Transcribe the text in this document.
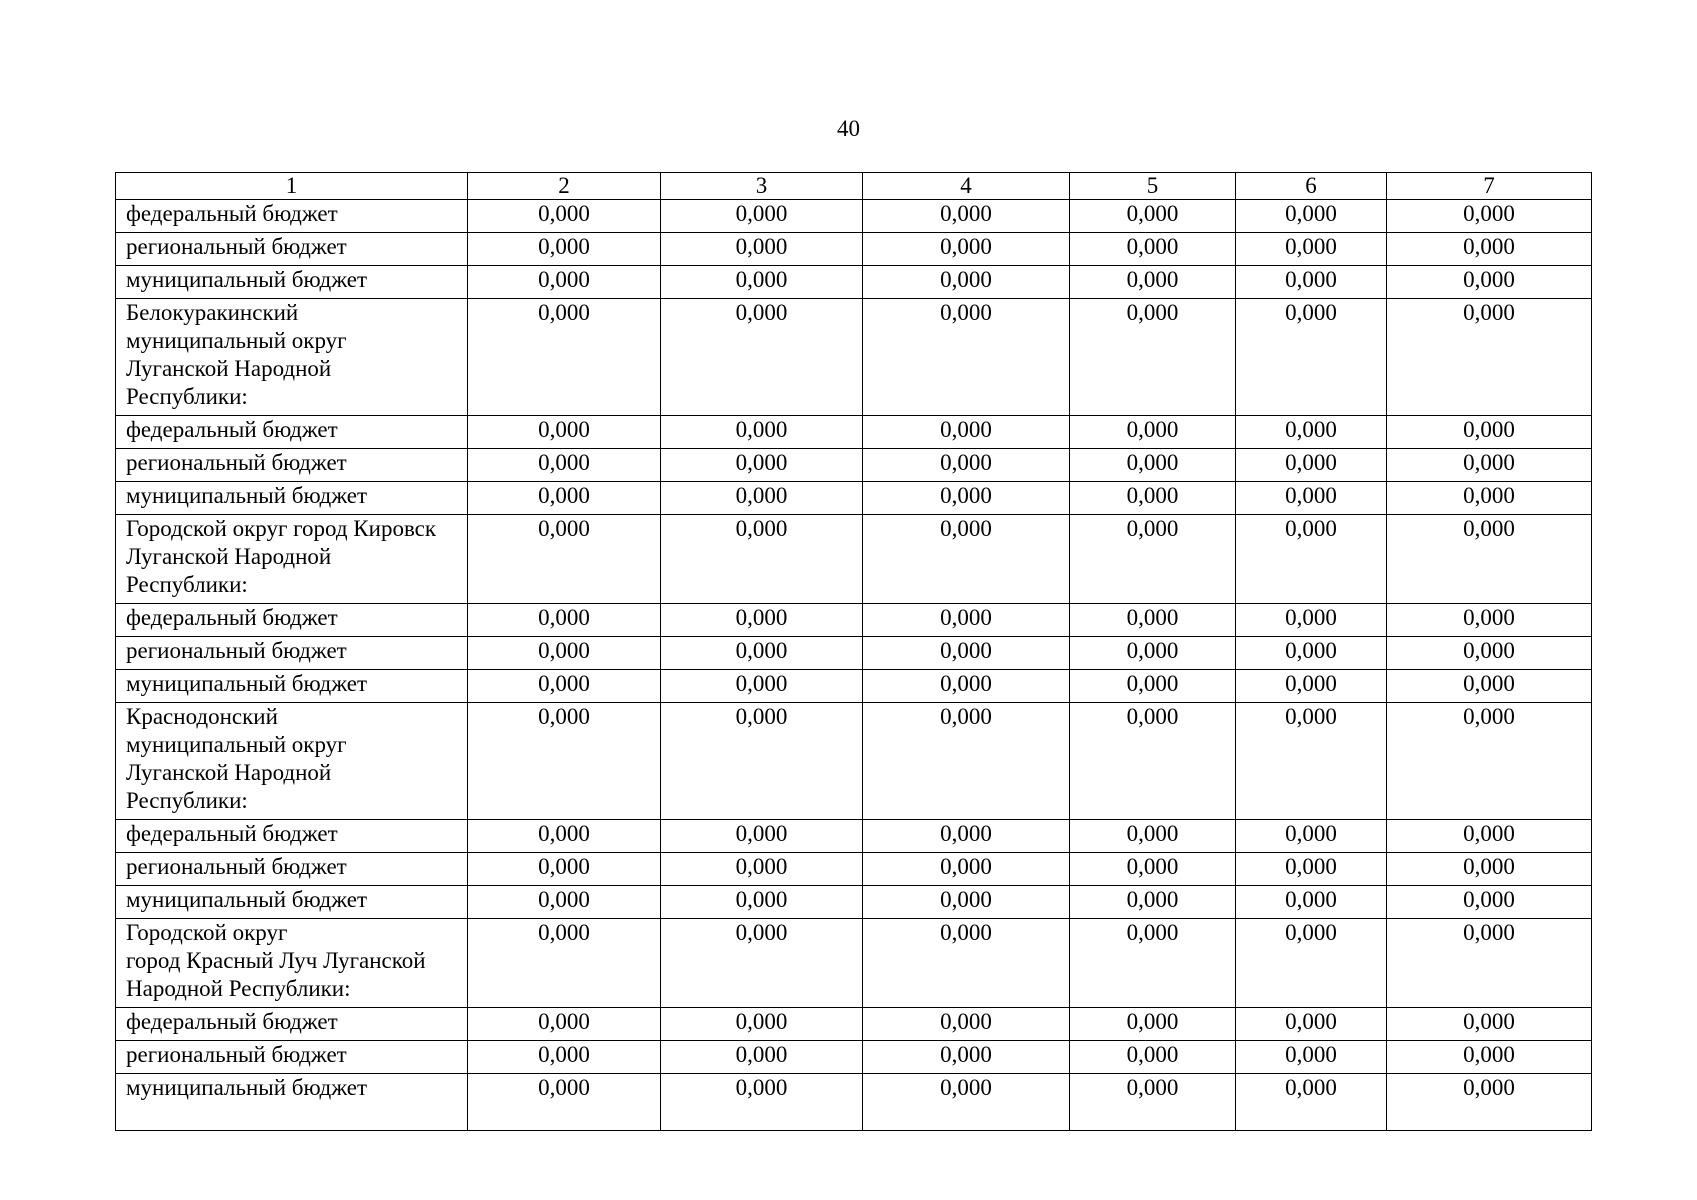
40
1	2	3	4	5	6	7
федеральный бюджет	0,000	0,000	0,000	0,000	0,000	0,000
региональный бюджет	0,000	0,000	0,000	0,000	0,000	0,000
муниципальный бюджет	0,000	0,000	0,000	0,000	0,000	0,000
Белокуракинский
муниципальный округ
Луганской Народной
Республики:	0,000	0,000	0,000	0,000	0,000	0,000
федеральный бюджет	0,000	0,000	0,000	0,000	0,000	0,000
региональный бюджет	0,000	0,000	0,000	0,000	0,000	0,000
муниципальный бюджет	0,000	0,000	0,000	0,000	0,000	0,000
Городской округ город Кировск
Луганской Народной
Республики:	0,000	0,000	0,000	0,000	0,000	0,000
федеральный бюджет	0,000	0,000	0,000	0,000	0,000	0,000
региональный бюджет	0,000	0,000	0,000	0,000	0,000	0,000
муниципальный бюджет	0,000	0,000	0,000	0,000	0,000	0,000
Краснодонский
муниципальный округ
Луганской Народной
Республики:	0,000	0,000	0,000	0,000	0,000	0,000
федеральный бюджет	0,000	0,000	0,000	0,000	0,000	0,000
региональный бюджет	0,000	0,000	0,000	0,000	0,000	0,000
муниципальный бюджет	0,000	0,000	0,000	0,000	0,000	0,000
Городской округ
город Красный Луч Луганской
Народной Республики:	0,000	0,000	0,000	0,000	0,000	0,000
федеральный бюджет	0,000	0,000	0,000	0,000	0,000	0,000
региональный бюджет	0,000	0,000	0,000	0,000	0,000	0,000
муниципальный бюджет	0,000	0,000	0,000	0,000	0,000	0,000
